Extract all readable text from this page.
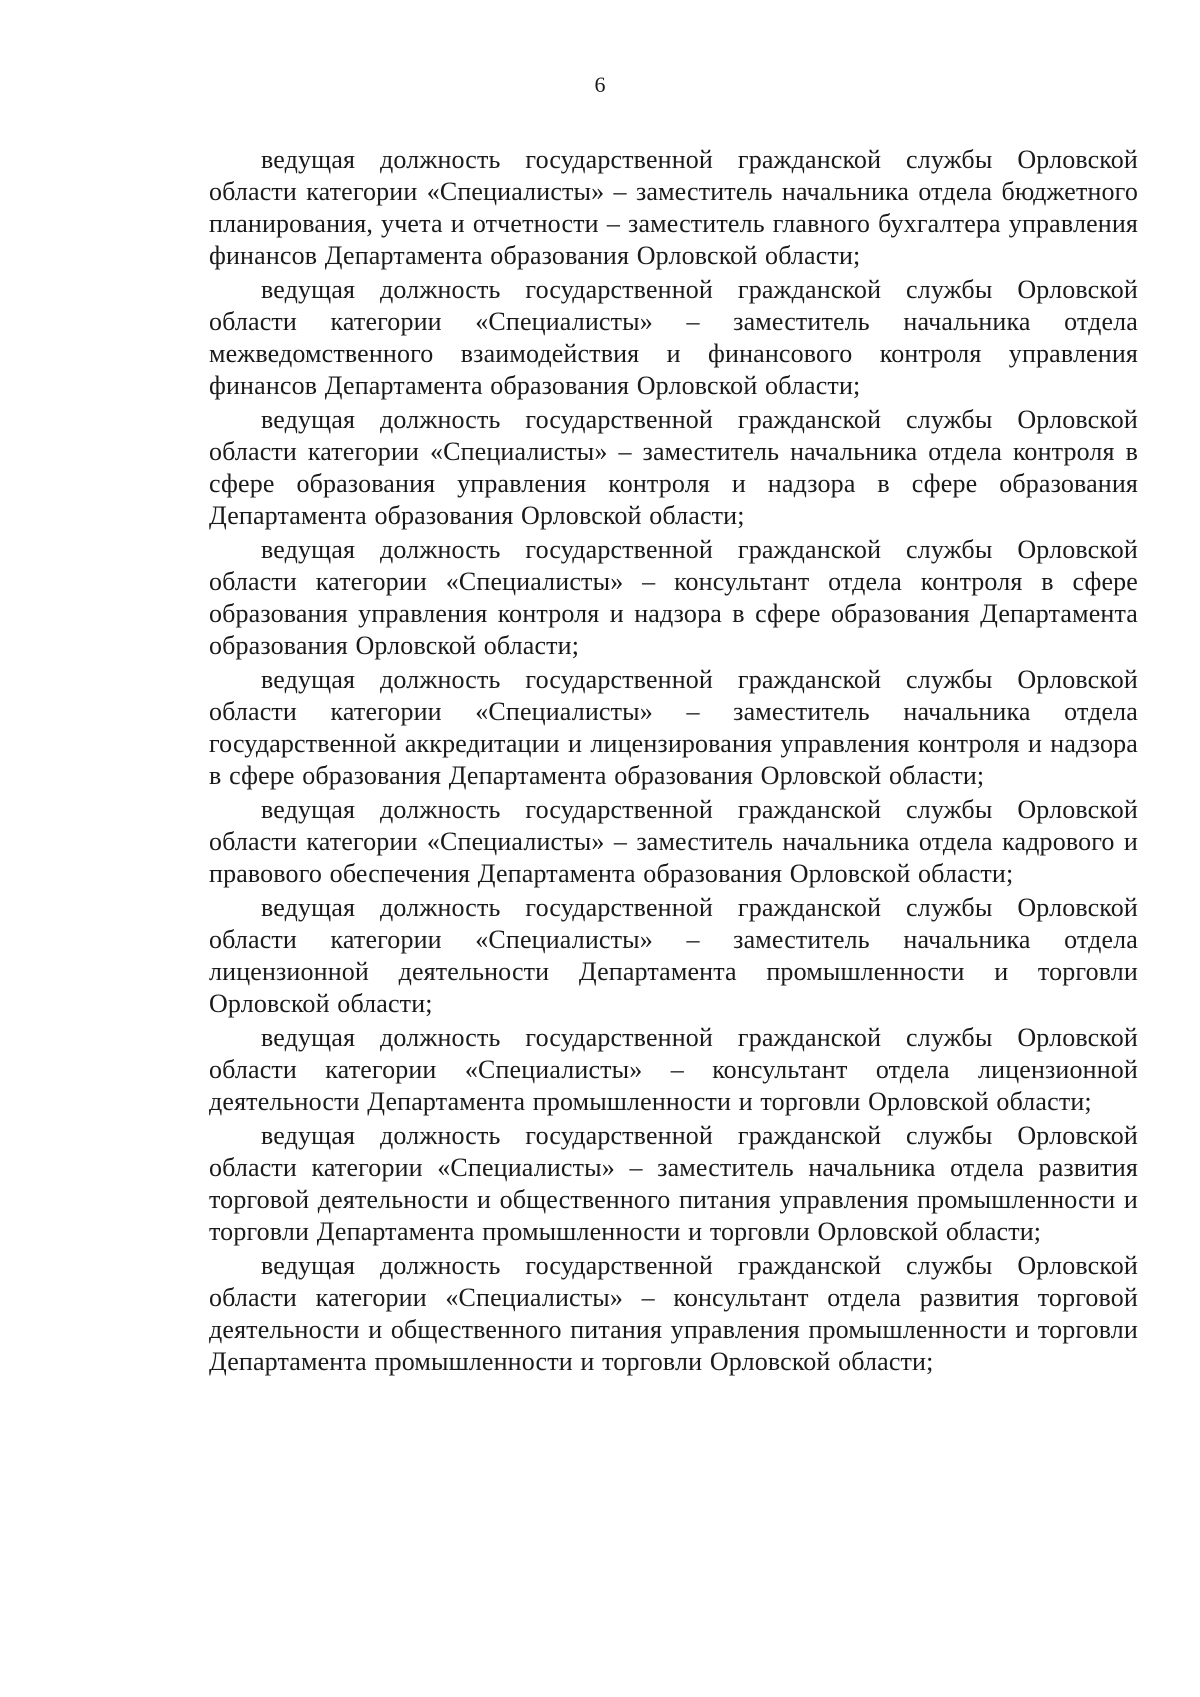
6

ведущая должность государственной гражданской службы Орловской области категории «Специалисты» – заместитель начальника отдела бюджетного планирования, учета и отчетности – заместитель главного бухгалтера управления финансов Департамента образования Орловской области;

ведущая должность государственной гражданской службы Орловской области категории «Специалисты» – заместитель начальника отдела межведомственного взаимодействия и финансового контроля управления финансов Департамента образования Орловской области;

ведущая должность государственной гражданской службы Орловской области категории «Специалисты» – заместитель начальника отдела контроля в сфере образования управления контроля и надзора в сфере образования Департамента образования Орловской области;

ведущая должность государственной гражданской службы Орловской области категории «Специалисты» – консультант отдела контроля в сфере образования управления контроля и надзора в сфере образования Департамента образования Орловской области;

ведущая должность государственной гражданской службы Орловской области категории «Специалисты» – заместитель начальника отдела государственной аккредитации и лицензирования управления контроля и надзора в сфере образования Департамента образования Орловской области;

ведущая должность государственной гражданской службы Орловской области категории «Специалисты» – заместитель начальника отдела кадрового и правового обеспечения Департамента образования Орловской области;

ведущая должность государственной гражданской службы Орловской области категории «Специалисты» – заместитель начальника отдела лицензионной деятельности Департамента промышленности и торговли Орловской области;

ведущая должность государственной гражданской службы Орловской области категории «Специалисты» – консультант отдела лицензионной деятельности Департамента промышленности и торговли Орловской области;

ведущая должность государственной гражданской службы Орловской области категории «Специалисты» – заместитель начальника отдела развития торговой деятельности и общественного питания управления промышленности и торговли Департамента промышленности и торговли Орловской области;

ведущая должность государственной гражданской службы Орловской области категории «Специалисты» – консультант отдела развития торговой деятельности и общественного питания управления промышленности и торговли Департамента промышленности и торговли Орловской области;
